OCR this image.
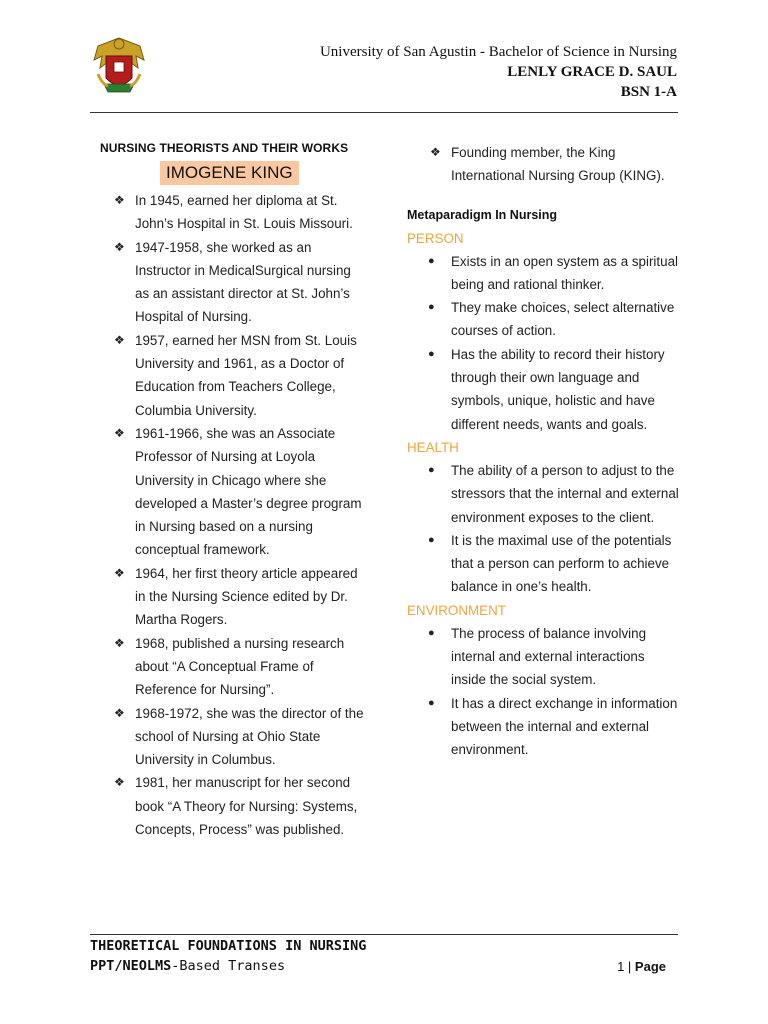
University of San Agustin - Bachelor of Science in Nursing
LENLY GRACE D. SAUL
BSN 1-A
NURSING THEORISTS AND THEIR WORKS
IMOGENE KING
❖ In 1945, earned her diploma at St. John’s Hospital in St. Louis Missouri.
❖ 1947-1958, she worked as an Instructor in MedicalSurgical nursing as an assistant director at St. John’s Hospital of Nursing.
❖ 1957, earned her MSN from St. Louis University and 1961, as a Doctor of Education from Teachers College, Columbia University.
❖ 1961-1966, she was an Associate Professor of Nursing at Loyola University in Chicago where she developed a Master’s degree program in Nursing based on a nursing conceptual framework.
❖ 1964, her first theory article appeared in the Nursing Science edited by Dr. Martha Rogers.
❖ 1968, published a nursing research about “A Conceptual Frame of Reference for Nursing”.
❖ 1968-1972, she was the director of the school of Nursing at Ohio State University in Columbus.
❖ 1981, her manuscript for her second book “A Theory for Nursing: Systems, Concepts, Process” was published.
❖ Founding member, the King International Nursing Group (KING).
Metaparadigm In Nursing
PERSON
● Exists in an open system as a spiritual being and rational thinker.
● They make choices, select alternative courses of action.
● Has the ability to record their history through their own language and symbols, unique, holistic and have different needs, wants and goals.
HEALTH
● The ability of a person to adjust to the stressors that the internal and external environment exposes to the client.
● It is the maximal use of the potentials that a person can perform to achieve balance in one’s health.
ENVIRONMENT
● The process of balance involving internal and external interactions inside the social system.
● It has a direct exchange in information between the internal and external environment.
THEORETICAL FOUNDATIONS IN NURSING
PPT/NEOLMS-Based Transes	1 | Page
